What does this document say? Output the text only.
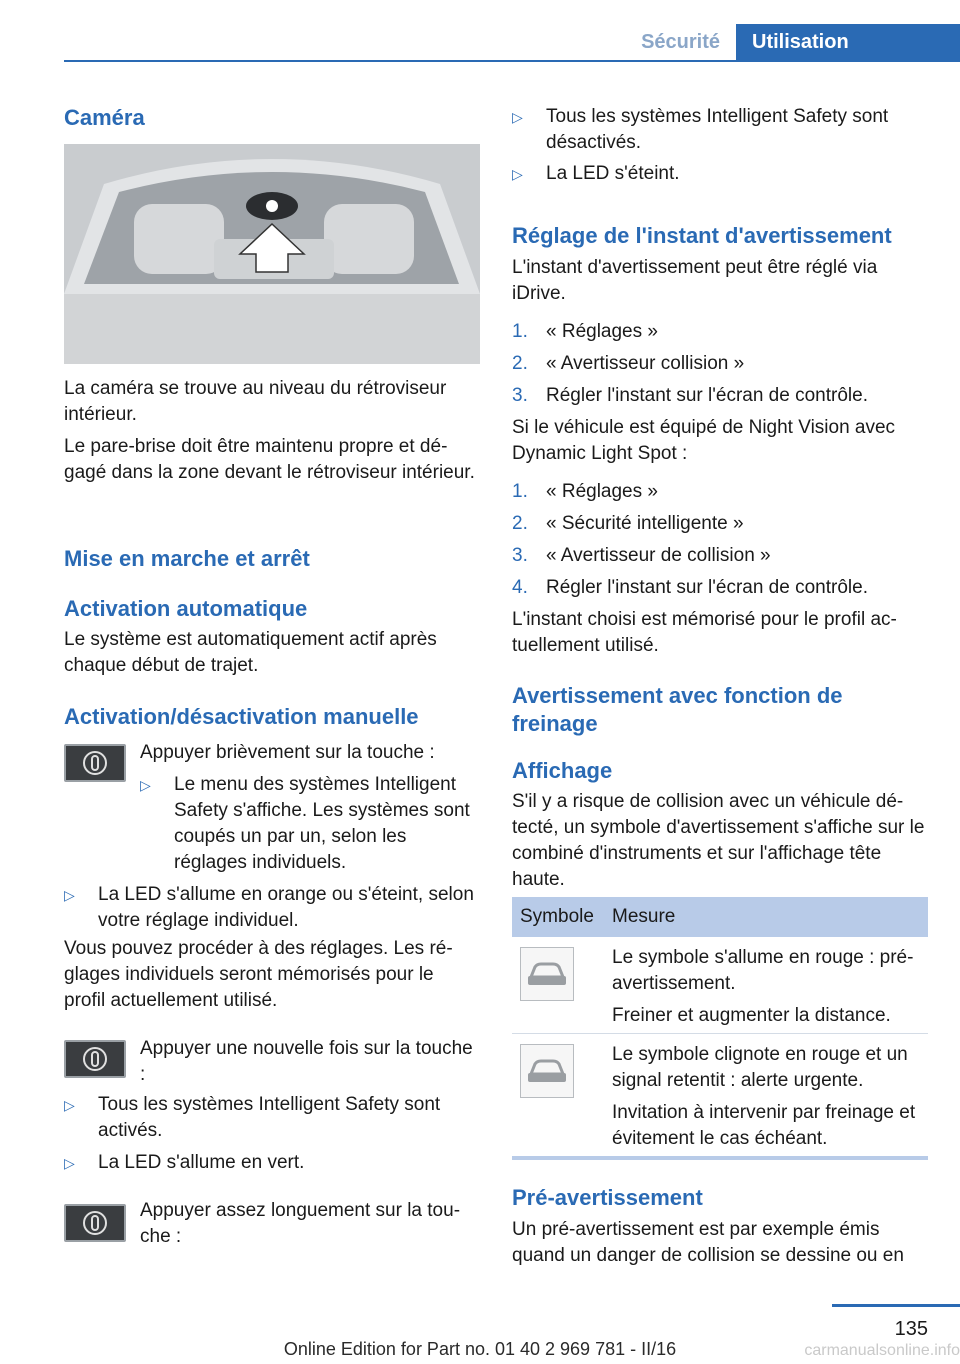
Sécurité	Utilisation
Caméra

La caméra se trouve au niveau du rétroviseur intérieur.

Le pare-brise doit être maintenu propre et dégagé dans la zone devant le rétroviseur intérieur.

Mise en marche et arrêt
Activation automatique

Le système est automatiquement actif après chaque début de trajet.

Activation/désactivation manuelle
Appuyer brièvement sur la touche :
▷	Le menu des systèmes Intelligent Safety s'affiche. Les systèmes sont coupés un par un, selon les réglages individuels.
▷	La LED s'allume en orange ou s'éteint, selon votre réglage individuel.

Vous pouvez procéder à des réglages. Les réglages individuels seront mémorisés pour le profil actuellement utilisé.

Appuyer une nouvelle fois sur la touche :
▷	Tous les systèmes Intelligent Safety sont activés.
▷	La LED s'allume en vert.
Appuyer assez longuement sur la touche :
▷	Tous les systèmes Intelligent Safety sont désactivés.
▷	La LED s'éteint.
Réglage de l'instant d'avertissement

L'instant d'avertissement peut être réglé via iDrive.

1. « Réglages »
2. « Avertisseur collision »
3. Régler l'instant sur l'écran de contrôle.

Si le véhicule est équipé de Night Vision avec Dynamic Light Spot :

1. « Réglages »
2. « Sécurité intelligente »
3. « Avertisseur de collision »
4. Régler l'instant sur l'écran de contrôle.

L'instant choisi est mémorisé pour le profil actuellement utilisé.

Avertissement avec fonction de freinage
Affichage

S'il y a risque de collision avec un véhicule détecté, un symbole d'avertissement s'affiche sur le combiné d'instruments et sur l'affichage tête haute.

Symbole Mesure

Le symbole s'allume en rouge : pré-avertissement.

Freiner et augmenter la distance.

Le symbole clignote en rouge et un signal retentit : alerte urgente.

Invitation à intervenir par freinage et évitement le cas échéant.

Pré-avertissement

Un pré-avertissement est par exemple émis quand un danger de collision se dessine ou en

135
Online Edition for Part no. 01 40 2 969 781 - II/16	carmanualsonline.info
